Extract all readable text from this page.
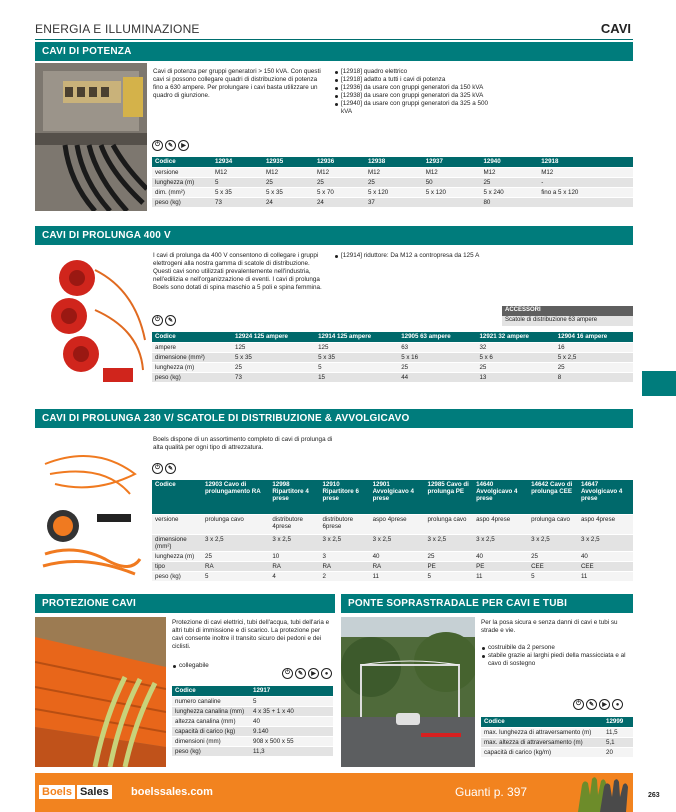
ENERGIA E ILLUMINAZIONE	CAVI
CAVI DI POTENZA
Cavi di potenza per gruppi generatori > 150 kVA. Con questi cavi si possono collegare quadri di distribuzione di potenza fino a 630 ampere. Per prolungare i cavi basta utilizzare un quadro di giunzione.
[12918] quadro elettrico
[12918] adatto a tutti i cavi di potenza
[12936] da usare con gruppi generatori da 150 kVA
[12938] da usare con gruppi generatori da 325 kVA
[12940] da usare con gruppi generatori da 325 a 500 kVA
⏻	✎	▶
Codice	12934	12935	12936	12938	12937	12940	12918
versione	M12	M12	M12	M12	M12	M12	M12
lunghezza (m)	5	25	25	25	50	25	-
dim. (mm²)	5 x 35	5 x 35	5 x 70	5 x 120	5 x 120	5 x 240	fino a 5 x 120
peso (kg)	73	24	24	37		80	
CAVI DI PROLUNGA 400 V
I cavi di prolunga da 400 V consentono di collegare i gruppi elettrogeni alla nostra gamma di scatole di distribuzione. Questi cavi sono utilizzati prevalentemente nell'industria, nell'edilizia e nell'organizzazione di eventi. I cavi di prolunga Boels sono dotati di spina maschio a 5 poli e spina femmina.
[12914] riduttore: Da M12 a contropresa da 125 A
ACCESSORI
Scatole di distribuzione 63 ampere
⏻	✎
Codice	12924 125 ampere	12914 125 ampere	12905 63 ampere	12921 32 ampere	12904 16 ampere
ampere	125	125	63	32	16
dimensione (mm²)	5 x 35	5 x 35	5 x 16	5 x 6	5 x 2,5
lunghezza (m)	25	5	25	25	25
peso (kg)	73	15	44	13	8
CAVI DI PROLUNGA 230 V/ SCATOLE DI DISTRIBUZIONE & AVVOLGICAVO
Boels dispone di un assortimento completo di cavi di prolunga di alta qualità per ogni tipo di attrezzatura.
⏻	✎
Codice	12903 Cavo di prolungamento RA	12998 Ripartitore 4 prese	12910 Ripartitore 6 prese	12901 Avvolgicavo 4 prese	12985 Cavo di prolunga PE	14640 Avvolgicavo 4 prese	14642 Cavo di prolunga CEE	14647 Avvolgicavo 4 prese
versione	prolunga cavo	distributore 4prese	distributore 6prese	aspo 4prese	prolunga cavo	aspo 4prese	prolunga cavo	aspo 4prese
dimensione (mm²)	3 x 2,5	3 x 2,5	3 x 2,5	3 x 2,5	3 x 2,5	3 x 2,5	3 x 2,5	3 x 2,5
lunghezza (m)	25	10	3	40	25	40	25	40
tipo	RA	RA	RA	RA	PE	PE	CEE	CEE
peso (kg)	5	4	2	11	5	11	5	11
PROTEZIONE CAVI
Protezione di cavi elettrici, tubi dell'acqua, tubi dell'aria e altri tubi di immissione e di scarico. La protezione per cavi consente inoltre il transito sicuro dei pedoni e dei ciclisti.
collegabile
⏻	✎	▶	●
Codice	12917
numero canaline	5
lunghezza canalina (mm)	4 x 35 + 1 x 40
altezza canalina (mm)	40
capacità di carico (kg)	9.140
dimensioni (mm)	908 x 500 x 55
peso (kg)	11,3
PONTE SOPRASTRADALE PER CAVI E TUBI
Per la posa sicura e senza danni di cavi e tubi su strade e vie.
costruibile da 2 persone
stabile grazie ai larghi piedi della massicciata e al cavo di sostegno
⏻	✎	▶	●
Codice	12999
max. lunghezza di attraversamento (m)	11,5
max. altezza di attraversamento (m)	5,1
capacità di carico (kg/m)	20
Boels Sales boelssales.com	Guanti p. 397	263
